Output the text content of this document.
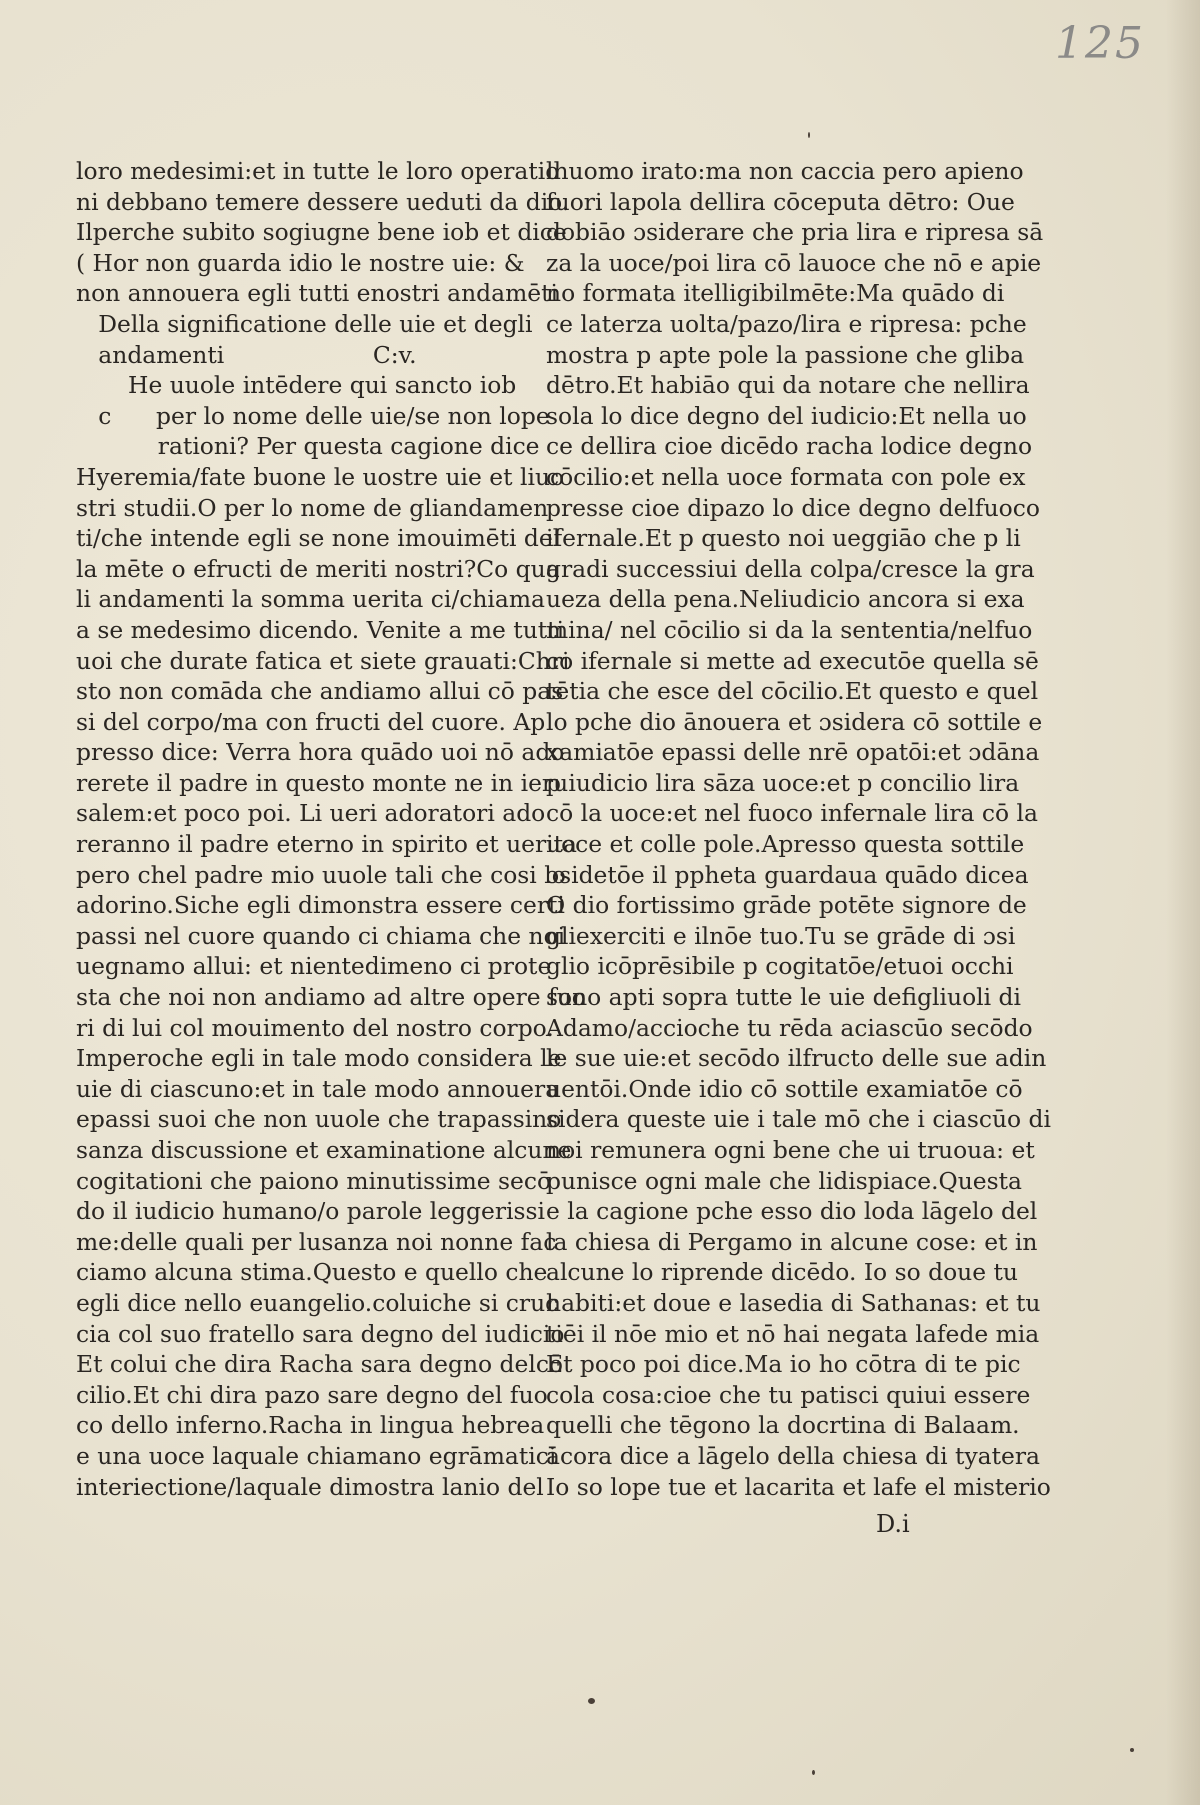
125
loro medesimi:et in tutte le loro operatio
ni debbano temere dessere ueduti da dio.
Ilperche subito sogiugne bene iob et dice
( Hor non guarda idio le nostre uie: &
non annouera egli tutti enostri andamēti
Della significatione delle uie et degli
andamenti                    C:v.
He uuole intēdere qui sancto iob
c      per lo nome delle uie/se non lope
rationi? Per questa cagione dice
Hyeremia/fate buone le uostre uie et liuo
stri studii.O per lo nome de gliandamen
ti/che intende egli se none imouimēti del
la mēte o efructi de meriti nostri?Co qua
li andamenti la somma uerita ci/chiama
a se medesimo dicendo. Venite a me tutti
uoi che durate fatica et siete grauati:Chri
sto non comāda che andiamo allui cō pas
si del corpo/ma con fructi del cuore. Ap
presso dice: Verra hora quādo uoi nō ado
rerete il padre in questo monte ne in ieru
salem:et poco poi. Li ueri adoratori ado
reranno il padre eterno in spirito et uerita
pero chel padre mio uuole tali che cosi lo
adorino.Siche egli dimonstra essere certi
passi nel cuore quando ci chiama che noi
uegnamo allui: et nientedimeno ci prote
sta che noi non andiamo ad altre opere fuo
ri di lui col mouimento del nostro corpo.
Imperoche egli in tale modo considera le
uie di ciascuno:et in tale modo annouera
epassi suoi che non uuole che trapassino
sanza discussione et examinatione alcune
cogitationi che paiono minutissime secō
do il iudicio humano/o parole leggerissi
me:delle quali per lusanza noi nonne fac
ciamo alcuna stima.Questo e quello che
egli dice nello euangelio.coluiche si cruc
cia col suo fratello sara degno del iudicio
Et colui che dira Racha sara degno delcō
cilio.Et chi dira pazo sare degno del fuo
co dello inferno.Racha in lingua hebrea
e una uoce laquale chiamano egrāmatici
interiectione/laquale dimostra lanio del
lhuomo irato:ma non caccia pero apieno
fuori lapola dellira cōceputa dētro: Oue
dobiāo ɔsiderare che pria lira e ripresa sā
za la uoce/poi lira cō lauoce che nō e apie
no formata itelligibilmēte:Ma quādo di
ce laterza uolta/pazo/lira e ripresa: pche
mostra p apte pole la passione che gliba
dētro.Et habiāo qui da notare che nellira
sola lo dice degno del iudicio:Et nella uo
ce dellira cioe dicēdo racha lodice degno
cōcilio:et nella uoce formata con pole ex
presse cioe dipazo lo dice degno delfuoco
ifernale.Et p questo noi ueggiāo che p li
gradi successiui della colpa/cresce la gra
ueza della pena.Neliudicio ancora si exa
mina/ nel cōcilio si da la sententia/nelfuo
co ifernale si mette ad executōe quella sē
tētia che esce del cōcilio.Et questo e quel
lo pche dio ānouera et ɔsidera cō sottile e
xamiatōe epassi delle nrē opatōi:et ɔdāna
p iudicio lira sāza uoce:et p concilio lira
cō la uoce:et nel fuoco infernale lira cō la
uoce et colle pole.Apresso questa sottile
ɔsidetōe il ppheta guardaua quādo dicea
O dio fortissimo grāde potēte signore de
gliexerciti e ilnōe tuo.Tu se grāde di ɔsi
glio icōprēsibile p cogitatōe/etuoi occhi
sono apti sopra tutte le uie defigliuoli di
Adamo/accioche tu rēda aciascūo secōdo
le sue uie:et secōdo ilfructo delle sue adin
uentōi.Onde idio cō sottile examiatōe cō
sidera queste uie i tale mō che i ciascūo di
noi remunera ogni bene che ui truoua: et
punisce ogni male che lidispiace.Questa
e la cagione pche esso dio loda lāgelo del
la chiesa di Pergamo in alcune cose: et in
alcune lo riprende dicēdo. Io so doue tu
habiti:et doue e lasedia di Sathanas: et tu
tiēi il nōe mio et nō hai negata lafede mia
Et poco poi dice.Ma io ho cōtra di te pic
cola cosa:cioe che tu patisci quiui essere
quelli che tēgono la docrtina di Balaam.
ācora dice a lāgelo della chiesa di tyatera
Io so lope tue et lacarita et lafe el misterio
D.i
